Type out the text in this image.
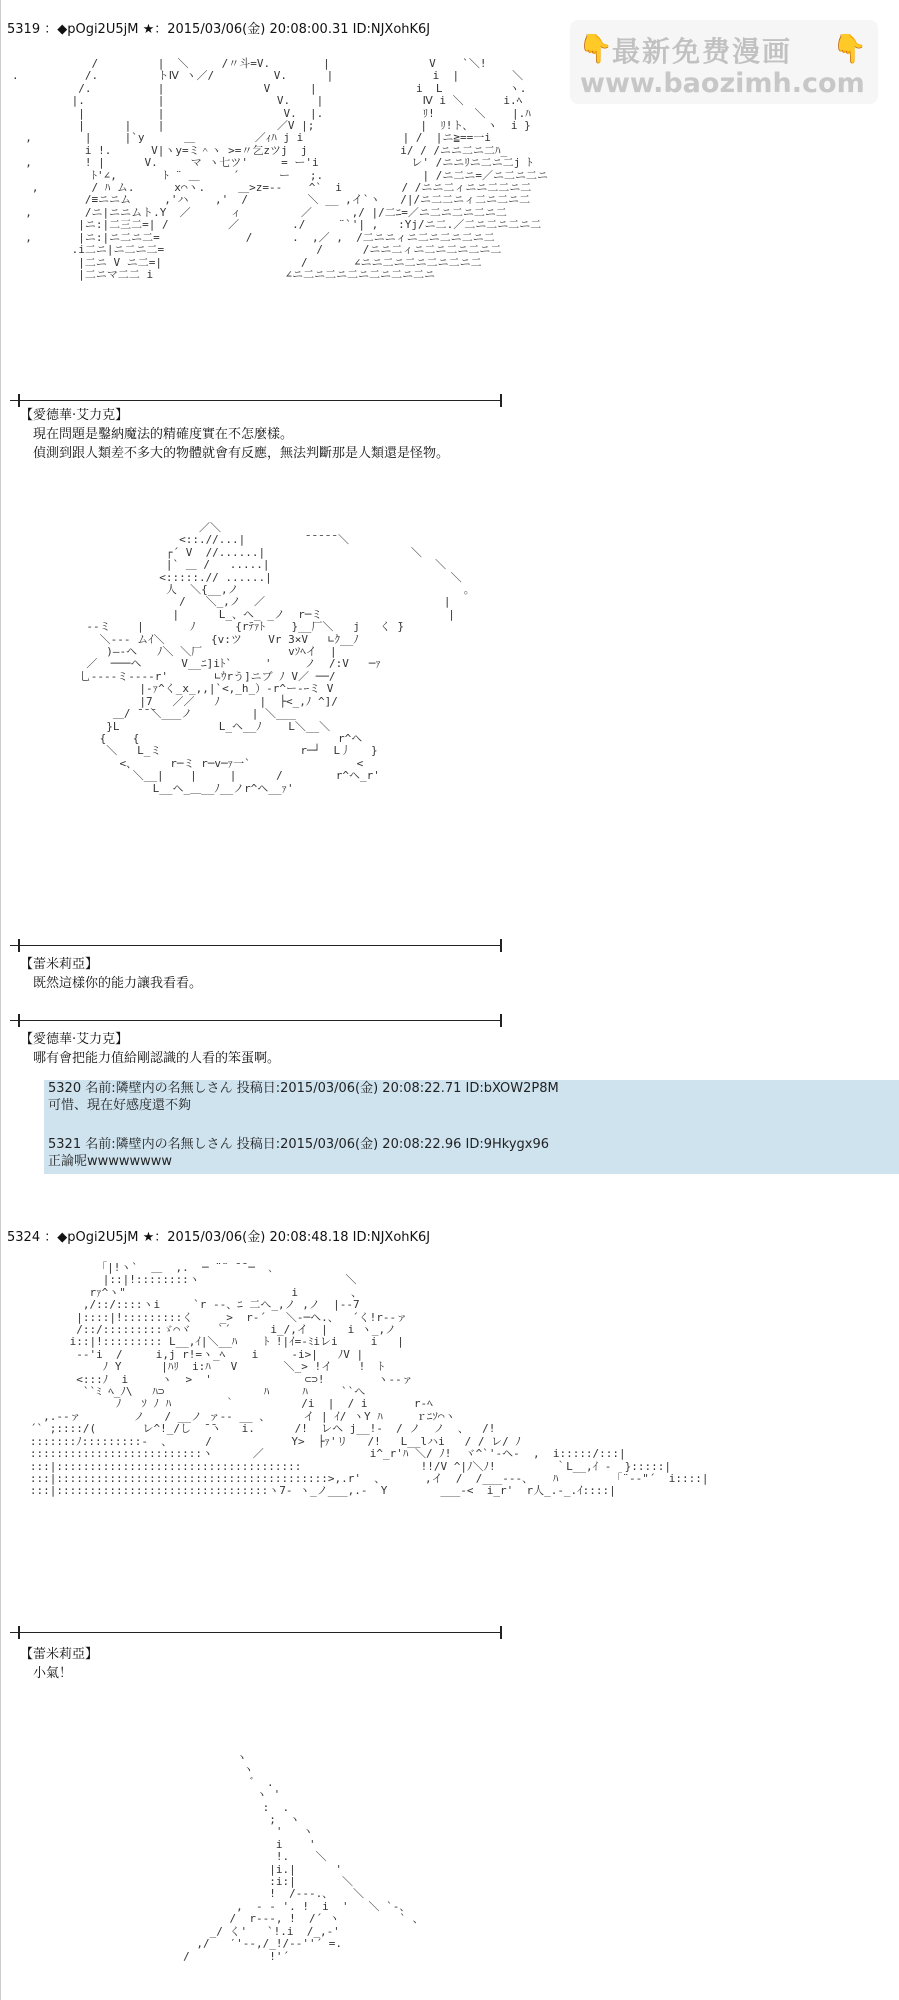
👇 最新免费漫画 👇
www.baozimh.com
5319 ：◆pOgi2U5jM ★：2015/03/06(金) 20:08:00.31 ID:NJXohK6J
/         |  ＼     /〃斗=V.        |               V    `＼!
.          /.         トⅣ ヽ／/         V.      |               i  |        ＼
/.          |               V      |               i  L          ヽ.
|.           |                 V.    |               Ⅳ i ＼      i.ﾍ
|           |                  V.  |.               ﾘ!      ＼    |.ﾊ
|      |    |                 ／V |;                |  ﾘ!ト、  ヽ  i }
,        |     |`y      ＿         ／ｨﾊ j i               | /  |ニ≧==一i
i !.      V|ヽy=ミ＾ヽ >=〃乞zツj  j              i/ / /ニニ二ニ二ﾊ_
,        ! |      V.     マ ヽ七ツ'     = ー'i              レ' /ニニﾘニ二ニ二j ﾄ
ﾄ'∠,       ﾄ ¨ ＿     ´      ー   ;.               | /ニ二ニ=／ニ二ニ二ニ
,        / ﾊ ム.      x⌒ヽ.     ＿>z=--    ^`  i         / /ニニ二ィニニ二二ニ二
/≡ニニム     ,'ハ    ,'  /         ＼ __ ,イ`ヽ   /|/ニ二二ニィ二ニ二ニ二
,        /ニ|ニニムト.Y  ／      ィ         ／      ,/ |/二ﾆ=／ニ二ニ二ニ二ニ二
|ニ:|二三二=| /         ／        ./     ¨`'| ,   :Yj/ニ二.／二ニ二ニ二ニ二
,       |ニ:|ニ二ニ二=             /      .  ,／ ,  /二ニニィニ二ニ二ニ二ニ二
.i二ニ|ニ二ニ二=                       /      /ニニ二ィニ二ニ二ニ二ニ二
|二ニ V ニ二=|                     /       ∠ニニ二ニ二ニ二ニ二ニ二
|二ニマ二二 i                    ∠ニ二ニ二ニ二ニ二ニ二ニ二ニ
【愛德華·艾力克】
現在問題是鑿納魔法的精確度實在不怎麼樣。
偵測到跟人類差不多大的物體就會有反應，無法判斷那是人類還是怪物。
／＼
<::.//...|         ̄ ̄ ̄ ̄ ̄ ＼
┌´ V  //......|                      ＼
|` ＿ /   .....|                         ＼
<:::::.// ......|                           ＼
人  ＼{__,ノ                                  。
/   ＼_,ノ  ／                           |
|      L_、ヘ_ _ノ  r─ミ                   |
--ミ    |       ﾉ      {rﾃｧﾄ    }__厂＼   j   く ̄}
＼-‐- ムｲ＼       {v:ツ    Vr 3×V   ∟ｸ__ﾉ
)―-ヘ   ﾉ＼ ＼厂             vｿﾍイ  |
／  ───ヘ      V__ﾆ]iﾄ`     '     ノ  /:V   ─ｧ
乚----ミ----r'       ∟ｳrう]ニブ ﾉ V／ ──/
|-ｧ^く_x_,,|`<,_h_）-r^ー-ｰミ V
|7   ／／   ﾉ      |  ├<_,ﾉ ^]/
＿/ ̄ ̄ ̄＼___ノ         | ＼___
}L               L_ヘ__ﾉ    L＼__＼
{    {                              r^ヘ
＼   L_ミ                     r─┘  L丿   }
<、     r─ミ r─v─ｧ一`                <
＼__|    |     |      /        r^ヘ_r'
L__ヘ_＿__ﾉ__ノr^ヘ__ｧ'
【蕾米莉亞】
既然這樣你的能力讓我看看。
【愛德華·艾力克】
哪有會把能力值給剛認識的人看的笨蛋啊。
5320 名前:隣壁内の名無しさん 投稿日:2015/03/06(金) 20:08:22.71 ID:bXOW2P8M
可惜、現在好感度還不夠
5321 名前:隣壁内の名無しさん 投稿日:2015/03/06(金) 20:08:22.96 ID:9Hkygx96
正論呢wwwwwwww
5324 ：◆pOgi2U5jM ★：2015/03/06(金) 20:08:48.18 ID:NJXohK6J
「|!ヽ`  ＿  ,.  ─ ¨¨ ̄ ̄ ─  ､
|::|!::::::::ヽ                      ＼
rｧ^ヽ"                         i        、
,/::/::::ヽi     `r ‐-、ﾆ 二へ_,ノ ,ノ  |‐-7
|::::|!:::::::::く    _>  r‐´   ＼‐─ヘ.、  ´く!r‐-ァ
/::/:::::::::ゞ⌒ヾ    `´      i_/,イ  |   i ヽ_,ノ
i::|!::::::::: L__,ｲ|＼__ﾊ    ﾄ !|ｲ=‐ﾐiレi     i   |
‐‐'i  /     i,j r!=ヽ_ﾍ    i     ‐i>|   ﾉV |
ﾉ Y      |ﾊﾘ  i:ﾊ   V       ＼_> !イ    !  ﾄ
<:::ﾉ  i     ヽ  >  '              ⊂⊃!        ヽ‐-ァ
``ﾐ ﾍ_ﾉ\   ﾊ⊃               ﾊ     ﾊ     ``へ
ﾉ   ｿ ﾉ ﾊ        ｀          /i  |  / i       r-ﾍ
,.--ァ        ノ   / __ノ ァ‐- __ 、     イ | ｲ/ ヽY ﾊ     ｒﾆｿ⌒ヽ
´` ;::::/(       レ^!_/し  ̄ ̄ヽ   i.      /!  レヘ j__!‐  / ノ  ノ  、  /!
:::::::ﾉ:::::::::‐  、     /            Y>  ├ｧ'リ   /!   L__lハi   / / レ/ ﾉ
::::::::::::::::::::::::::ヽ      ／                i^_r'ﾊ ＼/ ﾉ!  ヾ^`'‐ヘ‐  ,  i:::::/:::|
:::|:::::::::::::::::::::::::::::::::::::                  !!/V ^|ﾉ＼ﾉ!         ｀L__,ｲ ‐  }:::::|
:::|:::::::::::::::::::::::::::::::::::::::::>,.r'  、      ,イ  /  /___‐‐-、   ﾊ        「¨‐‐"´  i::::|
:::|::::::::::::::::::::::::::::::::ヽ7‐ ヽ_ノ___,.-  Y        ___-<  i_r'  r人_.‐_.ｲ::::|
【蕾米莉亞】
小氣！
ヽ
ヽ
゛ .
ヽ '
:  .
;  ヽ
'   ヽ
i    '
!.    ＼
|i.|      '
:i:|       ＼
!  /‐--.、   ＼
,  - ‐ '. !  i  '   ＼ `‐、
/  r‐-‐, !  /´ ヽ         ` 、
_/ く'   `!.i  /_,‐'
,/   ′'‐-,/_!/‐-''´ =.
/            !'´
